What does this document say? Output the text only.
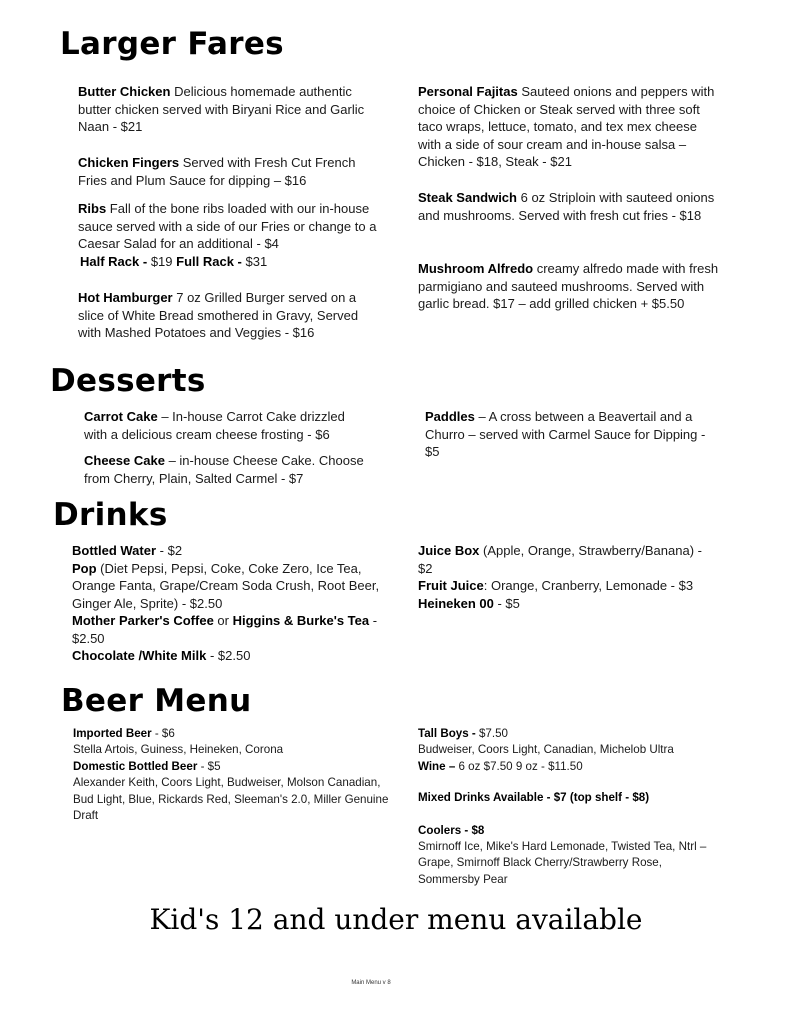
Larger Fares

Butter Chicken Delicious homemade authentic butter chicken served with Biryani Rice and Garlic Naan - $21

Chicken Fingers Served with Fresh Cut French Fries and Plum Sauce for dipping – $16

Ribs Fall of the bone ribs loaded with our in-house sauce served with a side of our Fries or change to a Caesar Salad for an additional - $4

Half Rack - $19 Full Rack - $31

Hot Hamburger 7 oz Grilled Burger served on a slice of White Bread smothered in Gravy, Served with Mashed Potatoes and Veggies - $16

Personal Fajitas Sauteed onions and peppers with choice of Chicken or Steak served with three soft taco wraps, lettuce, tomato, and tex mex cheese with a side of sour cream and in-house salsa – Chicken - $18, Steak - $21

Steak Sandwich 6 oz Striploin with sauteed onions and mushrooms. Served with fresh cut fries - $18

Mushroom Alfredo creamy alfredo made with fresh parmigiano and sauteed mushrooms. Served with garlic bread. $17 – add grilled chicken + $5.50

Desserts

Carrot Cake – In-house Carrot Cake drizzled with a delicious cream cheese frosting - $6

Cheese Cake – in-house Cheese Cake. Choose from Cherry, Plain, Salted Carmel - $7

Paddles – A cross between a Beavertail and a Churro – served with Carmel Sauce for Dipping - $5

Drinks

Bottled Water - $2

Pop (Diet Pepsi, Pepsi, Coke, Coke Zero, Ice Tea, Orange Fanta, Grape/Cream Soda Crush, Root Beer, Ginger Ale, Sprite) - $2.50

Mother Parker's Coffee or Higgins & Burke's Tea - $2.50

Chocolate /White Milk - $2.50

Juice Box (Apple, Orange, Strawberry/Banana) - $2

Fruit Juice: Orange, Cranberry, Lemonade - $3

Heineken 00 - $5

Beer Menu

Imported Beer - $6

Stella Artois, Guiness, Heineken, Corona

Domestic Bottled Beer - $5

Alexander Keith, Coors Light, Budweiser, Molson Canadian, Bud Light, Blue, Rickards Red, Sleeman's 2.0, Miller Genuine Draft

Tall Boys - $7.50

Budweiser, Coors Light, Canadian, Michelob Ultra

Wine – 6 oz $7.50 9 oz - $11.50

Mixed Drinks Available - $7 (top shelf - $8)

Coolers - $8

Smirnoff Ice, Mike's Hard Lemonade, Twisted Tea, Ntrl – Grape, Smirnoff Black Cherry/Strawberry Rose, Sommersby Pear

Kid's 12 and under menu available
Main Menu v 8
